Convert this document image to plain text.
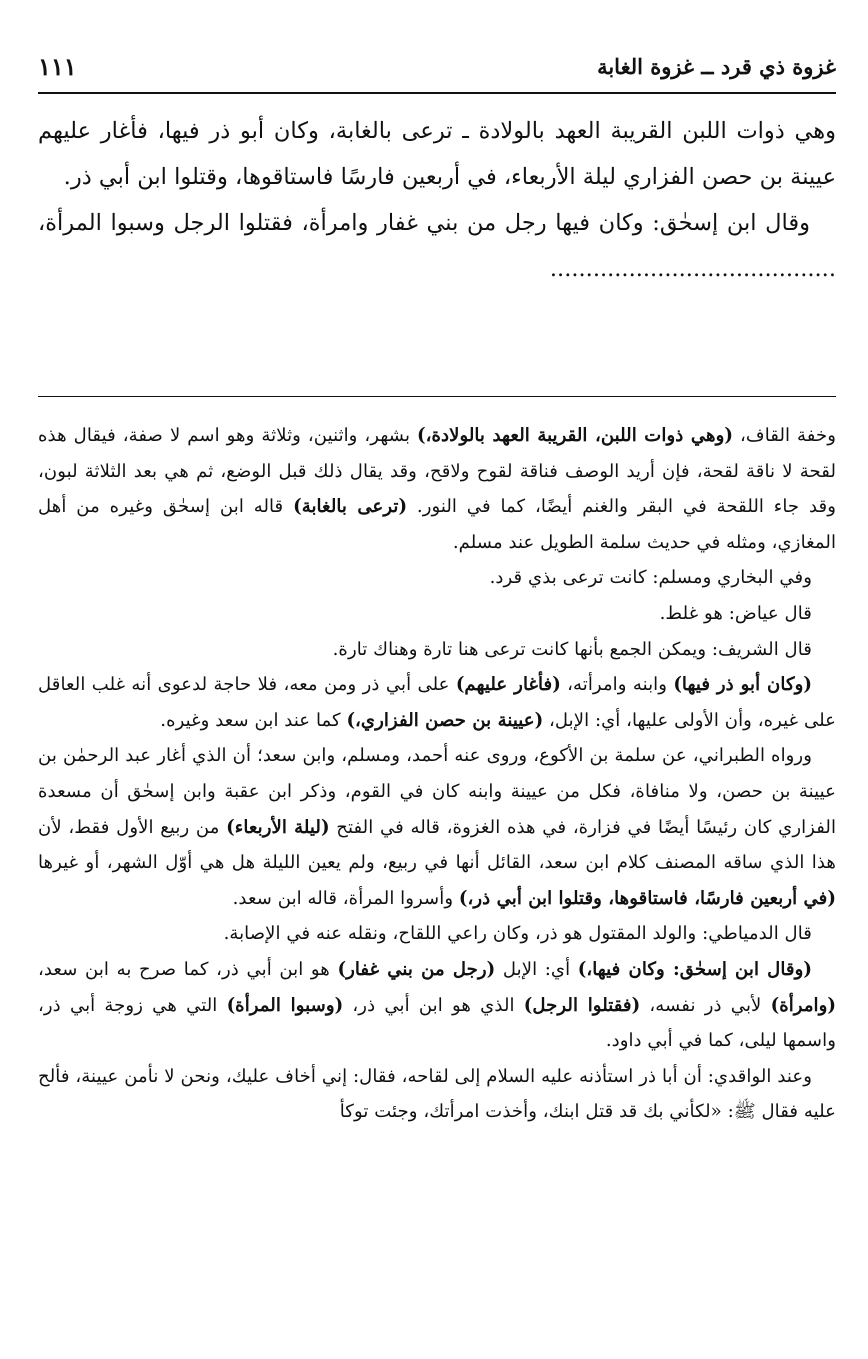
غزوة ذي قرد ــ غزوة الغابة
١١١

وهي ذوات اللبن القريبة العهد بالولادة ـ ترعى بالغابة، وكان أبو ذر فيها، فأغار عليهم عيينة بن حصن الفزاري ليلة الأربعاء، في أربعين فارسًا فاستاقوها، وقتلوا ابن أبي ذر.

وقال ابن إسحٰق: وكان فيها رجل من بني غفار وامرأة، فقتلوا الرجل وسبوا المرأة، ........................................

وخفة القاف، (وهي ذوات اللبن، القريبة العهد بالولادة،) بشهر، واثنين، وثلاثة وهو اسم لا صفة، فيقال هذه لقحة لا ناقة لقحة، فإن أريد الوصف فناقة لقوح ولاقح، وقد يقال ذلك قبل الوضع، ثم هي بعد الثلاثة لبون، وقد جاء اللقحة في البقر والغنم أيضًا، كما في النور. (ترعى بالغابة) قاله ابن إسحٰق وغيره من أهل المغازي، ومثله في حديث سلمة الطويل عند مسلم.

وفي البخاري ومسلم: كانت ترعى بذي قرد.

قال عياض: هو غلط.

قال الشريف: ويمكن الجمع بأنها كانت ترعى هنا تارة وهناك تارة.

(وكان أبو ذر فيها) وابنه وامرأته، (فأغار عليهم) على أبي ذر ومن معه، فلا حاجة لدعوى أنه غلب العاقل على غيره، وأن الأولى عليها، أي: الإبل، (عيينة بن حصن الفزاري،) كما عند ابن سعد وغيره.

ورواه الطبراني، عن سلمة بن الأكوع، وروى عنه أحمد، ومسلم، وابن سعد؛ أن الذي أغار عبد الرحمٰن بن عيينة بن حصن، ولا منافاة، فكل من عيينة وابنه كان في القوم، وذكر ابن عقبة وابن إسحٰق أن مسعدة الفزاري كان رئيسًا أيضًا في فزارة، في هذه الغزوة، قاله في الفتح (ليلة الأربعاء) من ربيع الأول فقط، لأن هذا الذي ساقه المصنف كلام ابن سعد، القائل أنها في ربيع، ولم يعين الليلة هل هي أوّل الشهر، أو غيرها (في أربعين فارسًا، فاستاقوها، وقتلوا ابن أبي ذر،) وأسروا المرأة، قاله ابن سعد.

قال الدمياطي: والولد المقتول هو ذر، وكان راعي اللقاح، ونقله عنه في الإصابة.

(وقال ابن إسحٰق: وكان فيها،) أي: الإبل (رجل من بني غفار) هو ابن أبي ذر، كما صرح به ابن سعد، (وامرأة) لأبي ذر نفسه، (فقتلوا الرجل) الذي هو ابن أبي ذر، (وسبوا المرأة) التي هي زوجة أبي ذر، واسمها ليلى، كما في أبي داود.

وعند الواقدي: أن أبا ذر استأذنه عليه السلام إلى لقاحه، فقال: إني أخاف عليك، ونحن لا نأمن عيينة، فألح عليه فقال ﷺ: «لكأني بك قد قتل ابنك، وأخذت امرأتك، وجئت توكأ
